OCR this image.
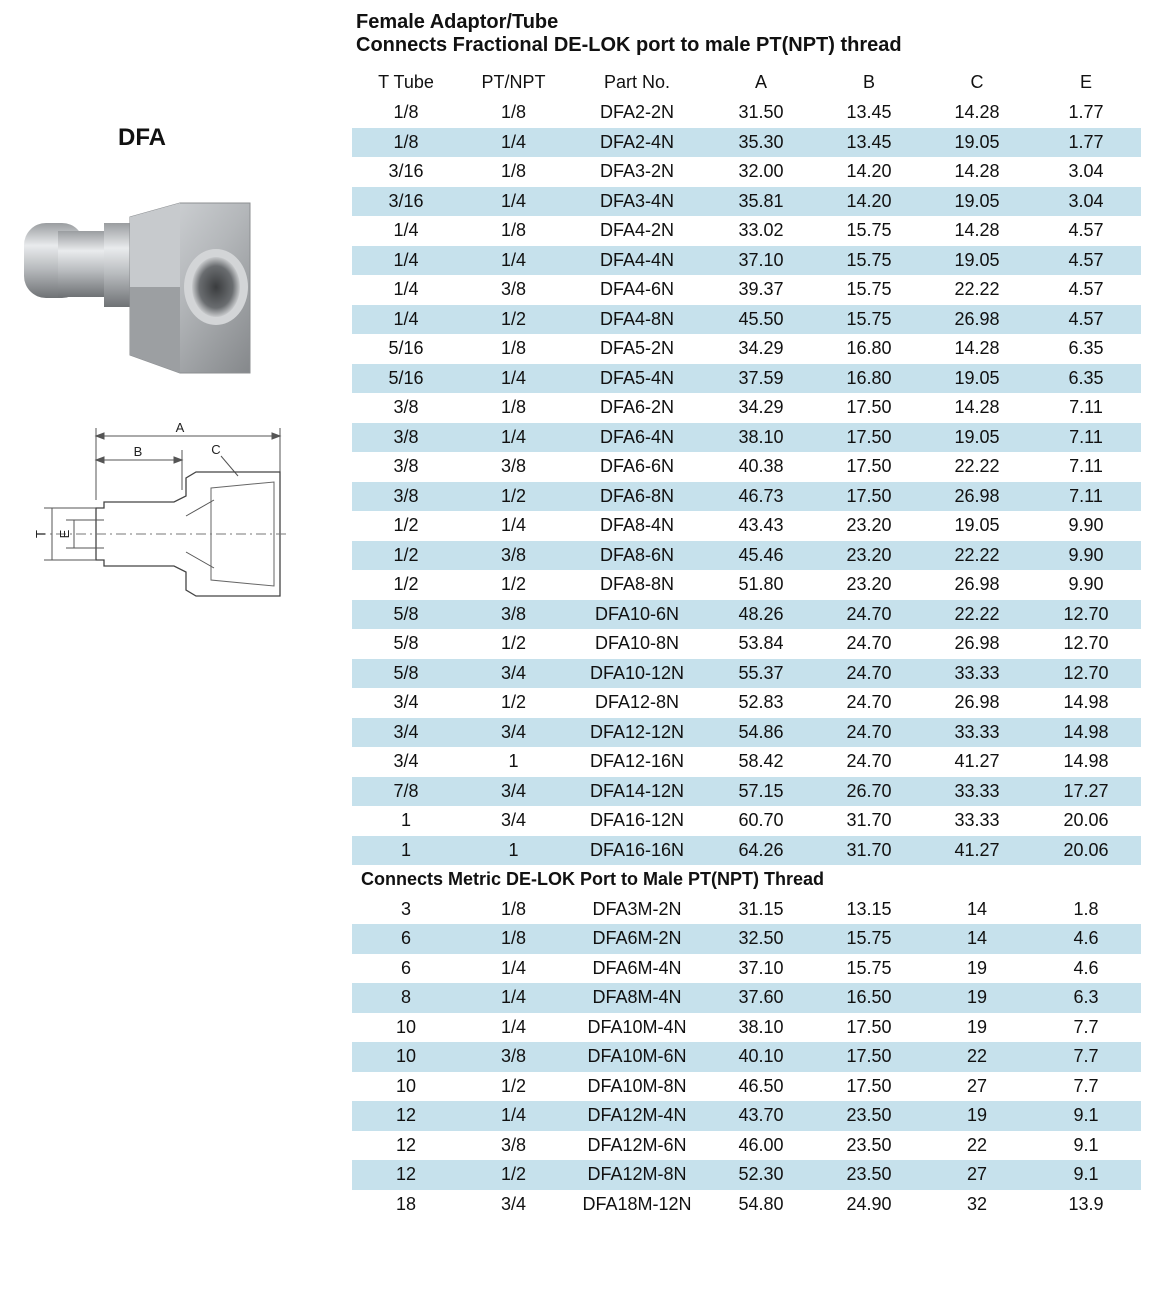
DFA
A
B	C
T E
Female Adaptor/Tube
Connects Fractional DE-LOK port to male PT(NPT) thread
T Tube	PT/NPT	Part No.	A	B	C	E
1/8	1/8	DFA2-2N	31.50	13.45	14.28	1.77
1/8	1/4	DFA2-4N	35.30	13.45	19.05	1.77
3/16	1/8	DFA3-2N	32.00	14.20	14.28	3.04
3/16	1/4	DFA3-4N	35.81	14.20	19.05	3.04
1/4	1/8	DFA4-2N	33.02	15.75	14.28	4.57
1/4	1/4	DFA4-4N	37.10	15.75	19.05	4.57
1/4	3/8	DFA4-6N	39.37	15.75	22.22	4.57
1/4	1/2	DFA4-8N	45.50	15.75	26.98	4.57
5/16	1/8	DFA5-2N	34.29	16.80	14.28	6.35
5/16	1/4	DFA5-4N	37.59	16.80	19.05	6.35
3/8	1/8	DFA6-2N	34.29	17.50	14.28	7.11
3/8	1/4	DFA6-4N	38.10	17.50	19.05	7.11
3/8	3/8	DFA6-6N	40.38	17.50	22.22	7.11
3/8	1/2	DFA6-8N	46.73	17.50	26.98	7.11
1/2	1/4	DFA8-4N	43.43	23.20	19.05	9.90
1/2	3/8	DFA8-6N	45.46	23.20	22.22	9.90
1/2	1/2	DFA8-8N	51.80	23.20	26.98	9.90
5/8	3/8	DFA10-6N	48.26	24.70	22.22	12.70
5/8	1/2	DFA10-8N	53.84	24.70	26.98	12.70
5/8	3/4	DFA10-12N	55.37	24.70	33.33	12.70
3/4	1/2	DFA12-8N	52.83	24.70	26.98	14.98
3/4	3/4	DFA12-12N	54.86	24.70	33.33	14.98
3/4	1	DFA12-16N	58.42	24.70	41.27	14.98
7/8	3/4	DFA14-12N	57.15	26.70	33.33	17.27
1	3/4	DFA16-12N	60.70	31.70	33.33	20.06
1	1	DFA16-16N	64.26	31.70	41.27	20.06
Connects Metric DE-LOK Port to Male PT(NPT) Thread
3	1/8	DFA3M-2N	31.15	13.15	14	1.8
6	1/8	DFA6M-2N	32.50	15.75	14	4.6
6	1/4	DFA6M-4N	37.10	15.75	19	4.6
8	1/4	DFA8M-4N	37.60	16.50	19	6.3
10	1/4	DFA10M-4N	38.10	17.50	19	7.7
10	3/8	DFA10M-6N	40.10	17.50	22	7.7
10	1/2	DFA10M-8N	46.50	17.50	27	7.7
12	1/4	DFA12M-4N	43.70	23.50	19	9.1
12	3/8	DFA12M-6N	46.00	23.50	22	9.1
12	1/2	DFA12M-8N	52.30	23.50	27	9.1
18	3/4	DFA18M-12N	54.80	24.90	32	13.9
